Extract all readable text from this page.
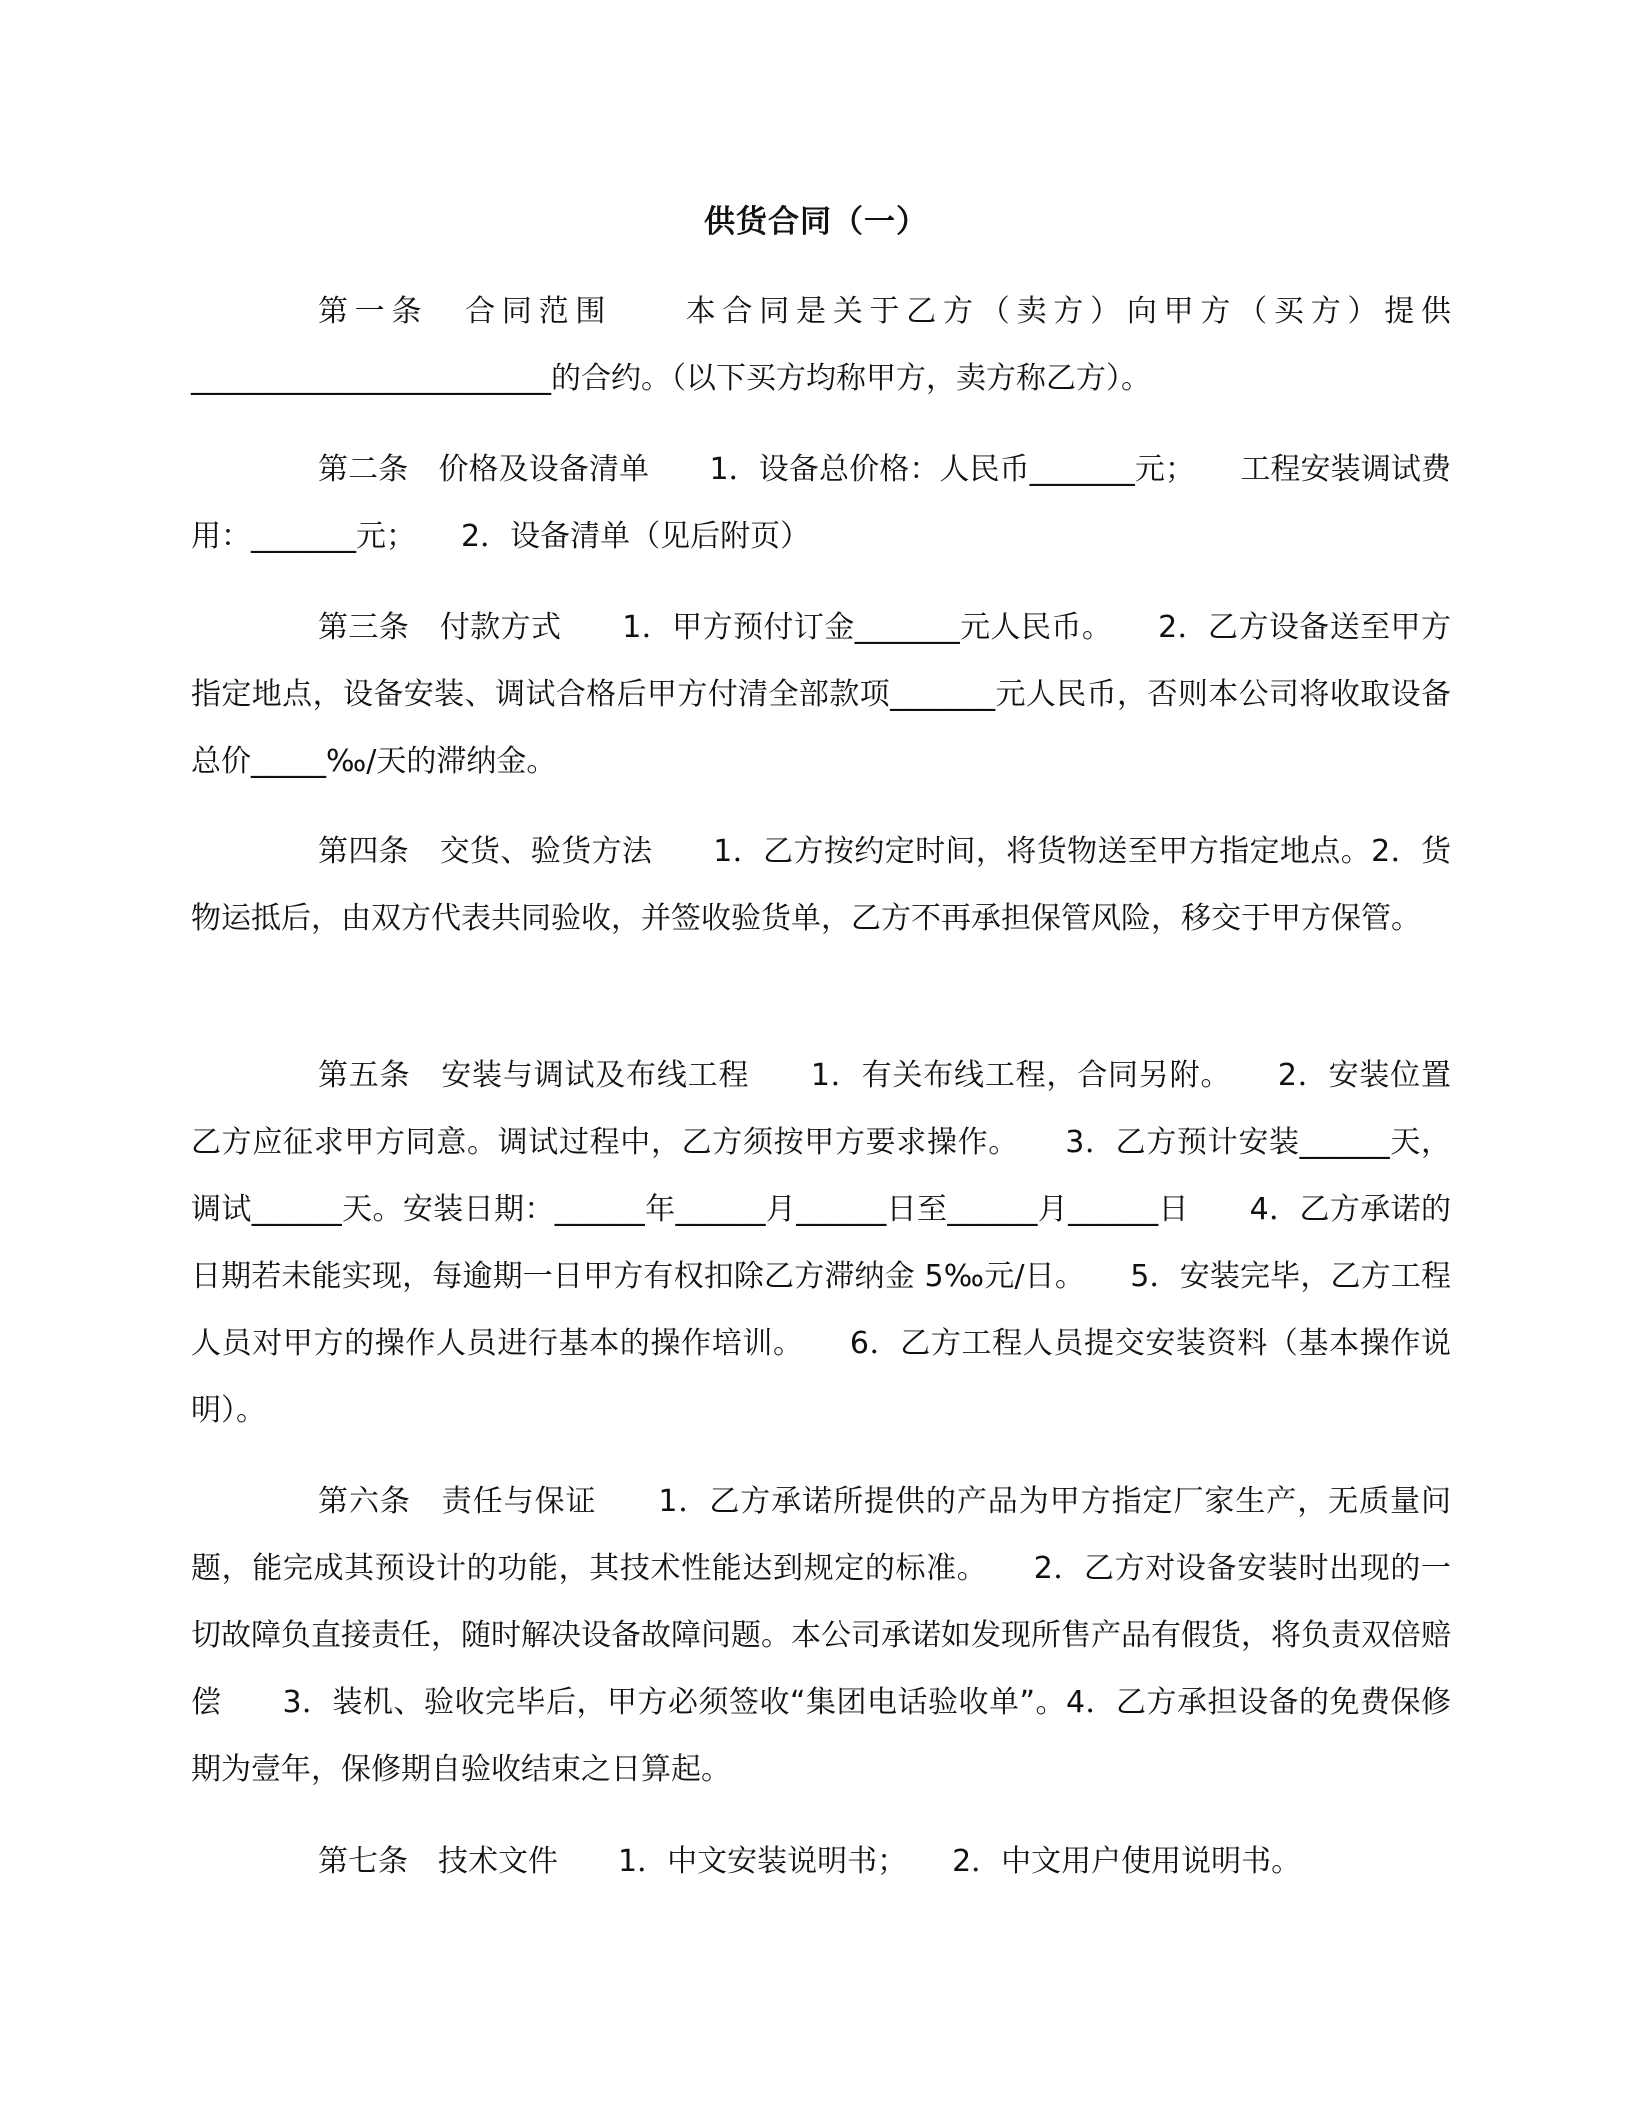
供货合同（一）

第一条　合同范围　　本合同是关于乙方（卖方）向甲方（买方）提供________________________的合约。（以下买方均称甲方，卖方称乙方）。

第二条　价格及设备清单　　1．设备总价格：人民币_______元；　　工程安装调试费用：_______元；　　2．设备清单（见后附页）

第三条　付款方式　　1．甲方预付订金_______元人民币。　　2．乙方设备送至甲方指定地点，设备安装、调试合格后甲方付清全部款项_______元人民币，否则本公司将收取设备总价_____‰/天的滞纳金。

第四条　交货、验货方法　　1．乙方按约定时间，将货物送至甲方指定地点。2．货物运抵后，由双方代表共同验收，并签收验货单，乙方不再承担保管风险，移交于甲方保管。

第五条　安装与调试及布线工程　　1．有关布线工程，合同另附。　　2．安装位置乙方应征求甲方同意。调试过程中，乙方须按甲方要求操作。　　3．乙方预计安装______天，调试______天。安装日期：______年______月______日至______月______日　　4．乙方承诺的日期若未能实现，每逾期一日甲方有权扣除乙方滞纳金 5‰元/日。　　5．安装完毕，乙方工程人员对甲方的操作人员进行基本的操作培训。　　6．乙方工程人员提交安装资料（基本操作说明）。

第六条　责任与保证　　1．乙方承诺所提供的产品为甲方指定厂家生产，无质量问题，能完成其预设计的功能，其技术性能达到规定的标准。　　2．乙方对设备安装时出现的一切故障负直接责任，随时解决设备故障问题。本公司承诺如发现所售产品有假货，将负责双倍赔偿　　3．装机、验收完毕后，甲方必须签收“集团电话验收单”。4．乙方承担设备的免费保修期为壹年，保修期自验收结束之日算起。

第七条　技术文件　　1．中文安装说明书；　　2．中文用户使用说明书。
